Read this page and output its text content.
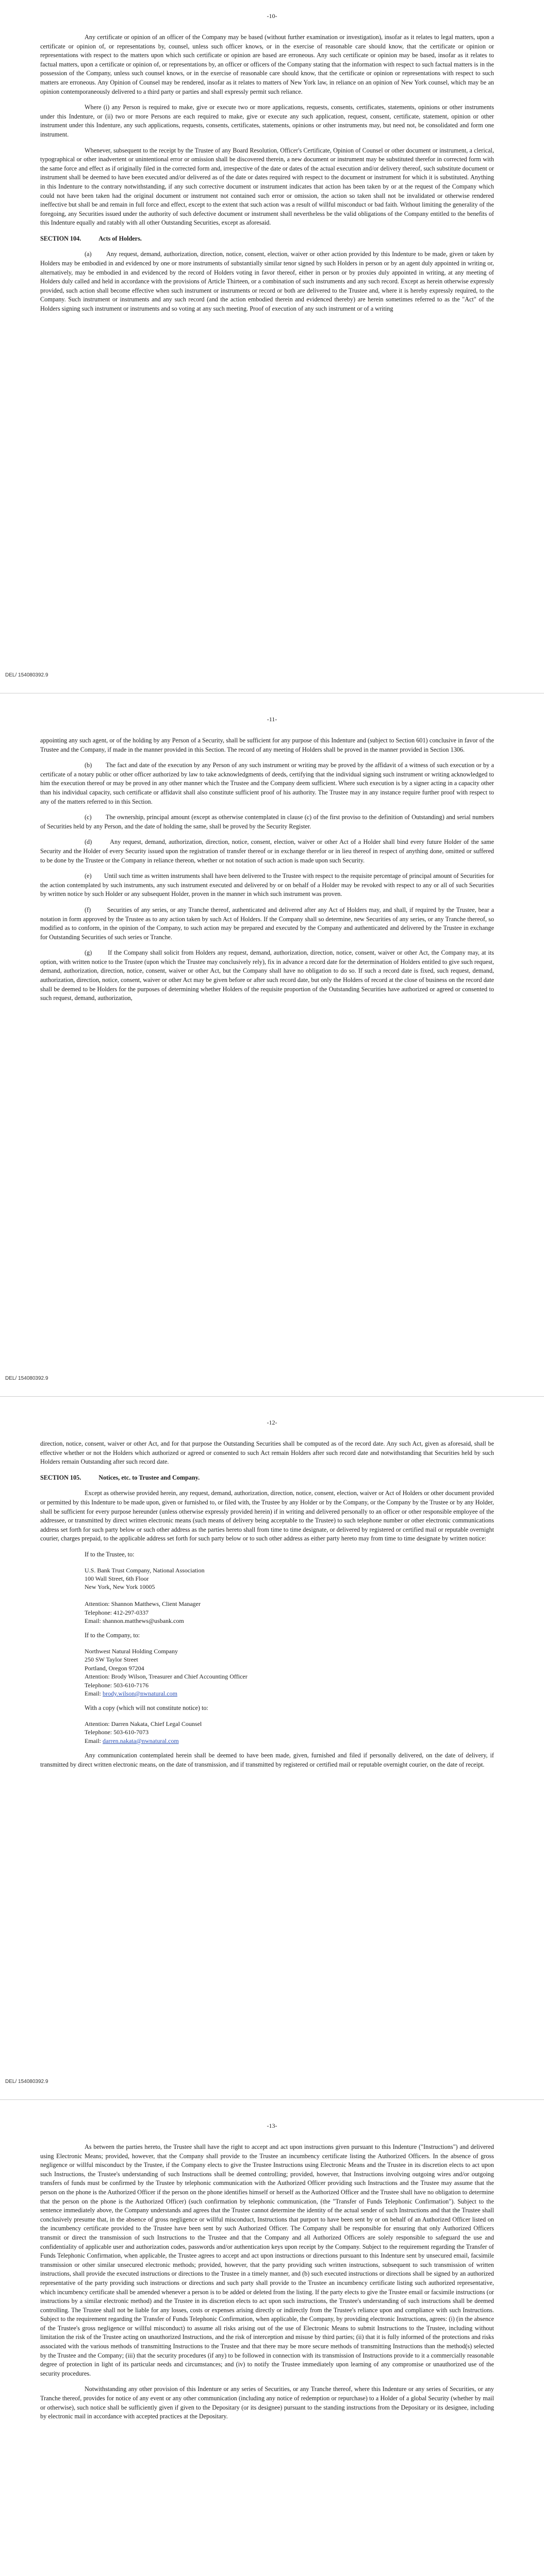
-10-

Any certificate or opinion of an officer of the Company may be based (without further examination or investigation), insofar as it relates to legal matters, upon a certificate or opinion of, or representations by, counsel, unless such officer knows, or in the exercise of reasonable care should know, that the certificate or opinion or representations with respect to the matters upon which such certificate or opinion are based are erroneous. Any such certificate or opinion may be based, insofar as it relates to factual matters, upon a certificate or opinion of, or representations by, an officer or officers of the Company stating that the information with respect to such factual matters is in the possession of the Company, unless such counsel knows, or in the exercise of reasonable care should know, that the certificate or opinion or representations with respect to such matters are erroneous. Any Opinion of Counsel may be rendered, insofar as it relates to matters of New York law, in reliance on an opinion of New York counsel, which may be an opinion contemporaneously delivered to a third party or parties and shall expressly permit such reliance.

Where (i) any Person is required to make, give or execute two or more applications, requests, consents, certificates, statements, opinions or other instruments under this Indenture, or (ii) two or more Persons are each required to make, give or execute any such application, request, consent, certificate, statement, opinion or other instrument under this Indenture, any such applications, requests, consents, certificates, statements, opinions or other instruments may, but need not, be consolidated and form one instrument.

Whenever, subsequent to the receipt by the Trustee of any Board Resolution, Officer's Certificate, Opinion of Counsel or other document or instrument, a clerical, typographical or other inadvertent or unintentional error or omission shall be discovered therein, a new document or instrument may be substituted therefor in corrected form with the same force and effect as if originally filed in the corrected form and, irrespective of the date or dates of the actual execution and/or delivery thereof, such substitute document or instrument shall be deemed to have been executed and/or delivered as of the date or dates required with respect to the document or instrument for which it is substituted. Anything in this Indenture to the contrary notwithstanding, if any such corrective document or instrument indicates that action has been taken by or at the request of the Company which could not have been taken had the original document or instrument not contained such error or omission, the action so taken shall not be invalidated or otherwise rendered ineffective but shall be and remain in full force and effect, except to the extent that such action was a result of willful misconduct or bad faith. Without limiting the generality of the foregoing, any Securities issued under the authority of such defective document or instrument shall nevertheless be the valid obligations of the Company entitled to the benefits of this Indenture equally and ratably with all other Outstanding Securities, except as aforesaid.

SECTION 104.	Acts of Holders.

(a) Any request, demand, authorization, direction, notice, consent, election, waiver or other action provided by this Indenture to be made, given or taken by Holders may be embodied in and evidenced by one or more instruments of substantially similar tenor signed by such Holders in person or by an agent duly appointed in writing or, alternatively, may be embodied in and evidenced by the record of Holders voting in favor thereof, either in person or by proxies duly appointed in writing, at any meeting of Holders duly called and held in accordance with the provisions of Article Thirteen, or a combination of such instruments and any such record. Except as herein otherwise expressly provided, such action shall become effective when such instrument or instruments or record or both are delivered to the Trustee and, where it is hereby expressly required, to the Company. Such instrument or instruments and any such record (and the action embodied therein and evidenced thereby) are herein sometimes referred to as the "Act" of the Holders signing such instrument or instruments and so voting at any such meeting. Proof of execution of any such instrument or of a writing

DEL/ 154080392.9
-11-

appointing any such agent, or of the holding by any Person of a Security, shall be sufficient for any purpose of this Indenture and (subject to Section 601) conclusive in favor of the Trustee and the Company, if made in the manner provided in this Section. The record of any meeting of Holders shall be proved in the manner provided in Section 1306.

(b) The fact and date of the execution by any Person of any such instrument or writing may be proved by the affidavit of a witness of such execution or by a certificate of a notary public or other officer authorized by law to take acknowledgments of deeds, certifying that the individual signing such instrument or writing acknowledged to him the execution thereof or may be proved in any other manner which the Trustee and the Company deem sufficient. Where such execution is by a signer acting in a capacity other than his individual capacity, such certificate or affidavit shall also constitute sufficient proof of his authority. The Trustee may in any instance require further proof with respect to any of the matters referred to in this Section.

(c) The ownership, principal amount (except as otherwise contemplated in clause (c) of the first proviso to the definition of Outstanding) and serial numbers of Securities held by any Person, and the date of holding the same, shall be proved by the Security Register.

(d)	Any request, demand, authorization, direction, notice, consent, election, waiver or other Act of a Holder shall bind every future Holder of the same Security and the Holder of every Security issued upon the registration of transfer thereof or in exchange therefor or in lieu thereof in respect of anything done, omitted or suffered to be done by the Trustee or the Company in reliance thereon, whether or not notation of such action is made upon such Security.

(e) Until such time as written instruments shall have been delivered to the Trustee with respect to the requisite percentage of principal amount of Securities for the action contemplated by such instruments, any such instrument executed and delivered by or on behalf of a Holder may be revoked with respect to any or all of such Securities by written notice by such Holder or any subsequent Holder, proven in the manner in which such instrument was proven.

(f)	Securities of any series, or any Tranche thereof, authenticated and delivered after any Act of Holders may, and shall, if required by the Trustee, bear a notation in form approved by the Trustee as to any action taken by such Act of Holders. If the Company shall so determine, new Securities of any series, or any Tranche thereof, so modified as to conform, in the opinion of the Company, to such action may be prepared and executed by the Company and authenticated and delivered by the Trustee in exchange for Outstanding Securities of such series or Tranche.

(g)	If the Company shall solicit from Holders any request, demand, authorization, direction, notice, consent, waiver or other Act, the Company may, at its option, with written notice to the Trustee (upon which the Trustee may conclusively rely), fix in advance a record date for the determination of Holders entitled to give such request, demand, authorization, direction, notice, consent, waiver or other Act, but the Company shall have no obligation to do so. If such a record date is fixed, such request, demand, authorization, direction, notice, consent, waiver or other Act may be given before or after such record date, but only the Holders of record at the close of business on the record date shall be deemed to be Holders for the purposes of determining whether Holders of the requisite proportion of the Outstanding Securities have authorized or agreed or consented to such request, demand, authorization,

DEL/ 154080392.9
-12-

direction, notice, consent, waiver or other Act, and for that purpose the Outstanding Securities shall be computed as of the record date. Any such Act, given as aforesaid, shall be effective whether or not the Holders which authorized or agreed or consented to such Act remain Holders after such record date and notwithstanding that Securities held by such Holders remain Outstanding after such record date.

SECTION 105.	Notices, etc. to Trustee and Company.

Except as otherwise provided herein, any request, demand, authorization, direction, notice, consent, election, waiver or Act of Holders or other document provided or permitted by this Indenture to be made upon, given or furnished to, or filed with, the Trustee by any Holder or by the Company, or the Company by the Trustee or by any Holder, shall be sufficient for every purpose hereunder (unless otherwise expressly provided herein) if in writing and delivered personally to an officer or other responsible employee of the addressee, or transmitted by direct written electronic means (such means of delivery being acceptable to the Trustee) to such telephone number or other electronic communications address set forth for such party below or such other address as the parties hereto shall from time to time designate, or delivered by registered or certified mail or reputable overnight courier, charges prepaid, to the applicable address set forth for such party below or to such other address as either party hereto may from time to time designate by written notice:

If to the Trustee, to:

U.S. Bank Trust Company, National Association
100 Wall Street, 6th Floor
New York, New York 10005

Attention: Shannon Matthews, Client Manager
Telephone: 412-297-0337
Email: shannon.matthews@usbank.com

If to the Company, to:

Northwest Natural Holding Company
250 SW Taylor Street
Portland, Oregon 97204
Attention: Brody Wilson, Treasurer and Chief Accounting Officer
Telephone: 503-610-7176
Email: brody.wilson@nwnatural.com

With a copy (which will not constitute notice) to:

Attention: Darren Nakata, Chief Legal Counsel
Telephone: 503-610-7073
Email: darren.nakata@nwnatural.com

Any communication contemplated herein shall be deemed to have been made, given, furnished and filed if personally delivered, on the date of delivery, if transmitted by direct written electronic means, on the date of transmission, and if transmitted by registered or certified mail or reputable overnight courier, on the date of receipt.

DEL/ 154080392.9
-13-

As between the parties hereto, the Trustee shall have the right to accept and act upon instructions given pursuant to this Indenture ("Instructions") and delivered using Electronic Means; provided, however, that the Company shall provide to the Trustee an incumbency certificate listing the Authorized Officers. In the absence of gross negligence or willful misconduct by the Trustee, if the Company elects to give the Trustee Instructions using Electronic Means and the Trustee in its discretion elects to act upon such Instructions, the Trustee's understanding of such Instructions shall be deemed controlling; provided, however, that Instructions involving outgoing wires and/or outgoing transfers of funds must be confirmed by the Trustee by telephonic communication with the Authorized Officer providing such Instructions and the Trustee may assume that the person on the phone is the Authorized Officer if the person on the phone identifies himself or herself as the Authorized Officer and the Trustee shall have no obligation to determine that the person on the phone is the Authorized Officer) (such confirmation by telephonic communication, (the "Transfer of Funds Telephonic Confirmation"). Subject to the sentence immediately above, the Company understands and agrees that the Trustee cannot determine the identity of the actual sender of such Instructions and that the Trustee shall conclusively presume that, in the absence of gross negligence or willful misconduct, Instructions that purport to have been sent by or on behalf of an Authorized Officer listed on the incumbency certificate provided to the Trustee have been sent by such Authorized Officer. The Company shall be responsible for ensuring that only Authorized Officers transmit or direct the transmission of such Instructions to the Trustee and that the Company and all Authorized Officers are solely responsible to safeguard the use and confidentiality of applicable user and authorization codes, passwords and/or authentication keys upon receipt by the Company. Subject to the requirement regarding the Transfer of Funds Telephonic Confirmation, when applicable, the Trustee agrees to accept and act upon instructions or directions pursuant to this Indenture sent by unsecured email, facsimile transmission or other similar unsecured electronic methods; provided, however, that the party providing such written instructions, subsequent to such transmission of written instructions, shall provide the executed instructions or directions to the Trustee in a timely manner, and (b) such executed instructions or directions shall be signed by an authorized representative of the party providing such instructions or directions and such party shall provide to the Trustee an incumbency certificate listing such authorized representative, which incumbency certificate shall be amended whenever a person is to be added or deleted from the listing. If the party elects to give the Trustee email or facsimile instructions (or instructions by a similar electronic method) and the Trustee in its discretion elects to act upon such instructions, the Trustee's understanding of such instructions shall be deemed controlling. The Trustee shall not be liable for any losses, costs or expenses arising directly or indirectly from the Trustee's reliance upon and compliance with such Instructions. Subject to the requirement regarding the Transfer of Funds Telephonic Confirmation, when applicable, the Company, by providing electronic Instructions, agrees: (i) (in the absence of the Trustee's gross negligence or willful misconduct) to assume all risks arising out of the use of Electronic Means to submit Instructions to the Trustee, including without limitation the risk of the Trustee acting on unauthorized Instructions, and the risk of interception and misuse by third parties; (ii) that it is fully informed of the protections and risks associated with the various methods of transmitting Instructions to the Trustee and that there may be more secure methods of transmitting Instructions than the method(s) selected by the Trustee and the Company; (iii) that the security procedures (if any) to be followed in connection with its transmission of Instructions provide to it a commercially reasonable degree of protection in light of its particular needs and circumstances; and (iv) to notify the Trustee immediately upon learning of any compromise or unauthorized use of the security procedures.

Notwithstanding any other provision of this Indenture or any series of Securities, or any Tranche thereof, where this Indenture or any series of Securities, or any Tranche thereof, provides for notice of any event or any other communication (including any notice of redemption or repurchase) to a Holder of a global Security (whether by mail or otherwise), such notice shall be sufficiently given if given to the Depositary (or its designee) pursuant to the standing instructions from the Depositary or its designee, including by electronic mail in accordance with accepted practices at the Depositary.
